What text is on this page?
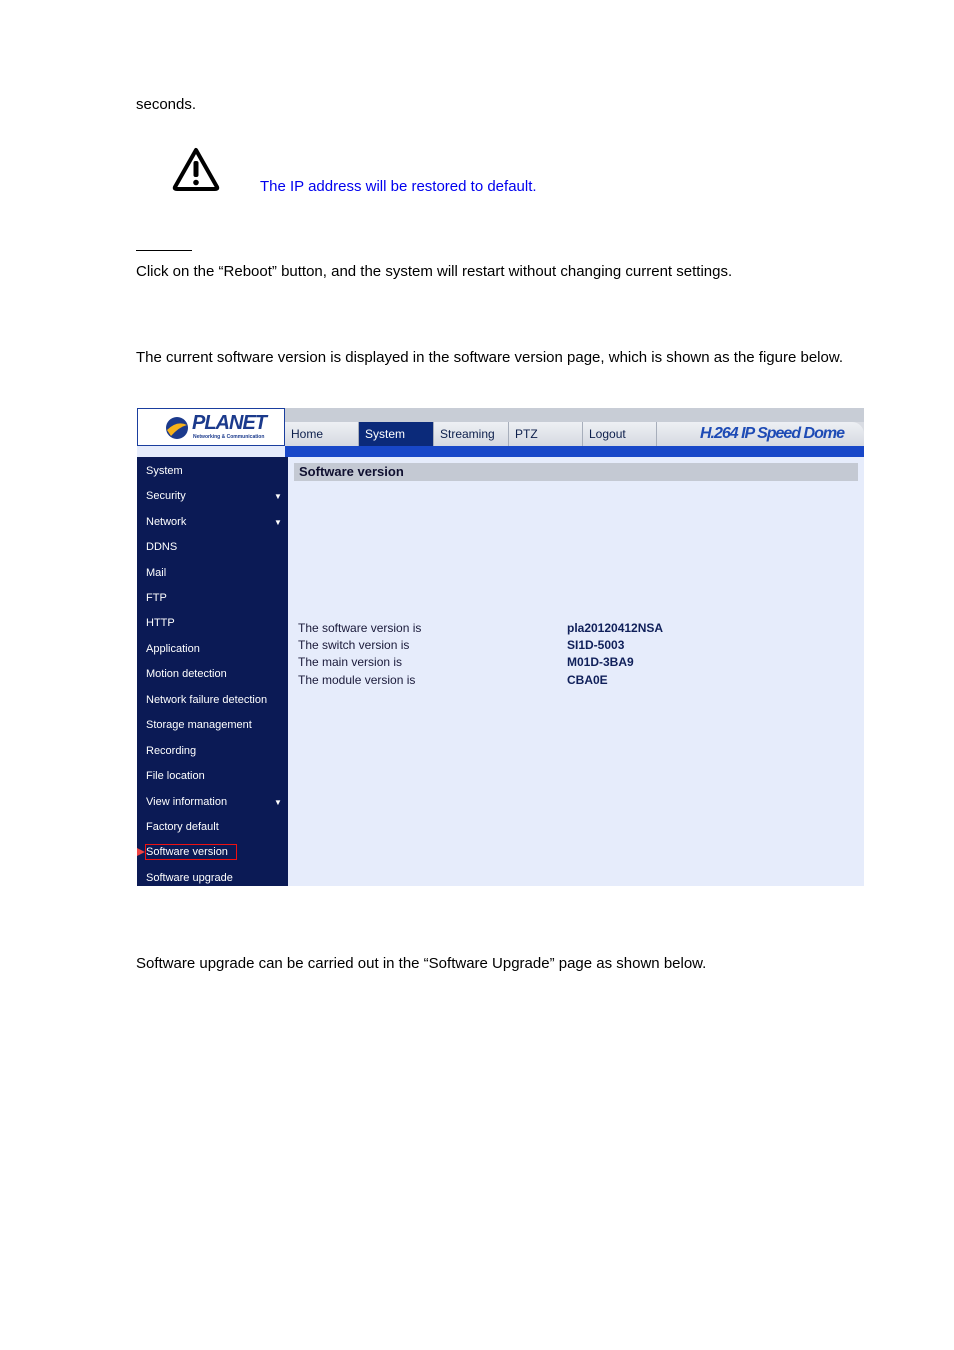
seconds.
The IP address will be restored to default.
Click on the “Reboot” button, and the system will restart without changing current settings.
The current software version is displayed in the software version page, which is shown as the figure below.
PLANET
Networking & Communication	Home	System	Streaming	PTZ	Logout	H.264 IP Speed Dome
System
Security	▼
Network	▼
DDNS
Mail
FTP
HTTP
Application
Motion detection
Network failure detection
Storage management
Recording
File location
View information	▼
Factory default
Software version
Software upgrade
Software version
The software version is	pla20120412NSA
The switch version is	SI1D-5003
The main version is	M01D-3BA9
The module version is	CBA0E
Software upgrade can be carried out in the “Software Upgrade” page as shown below.
